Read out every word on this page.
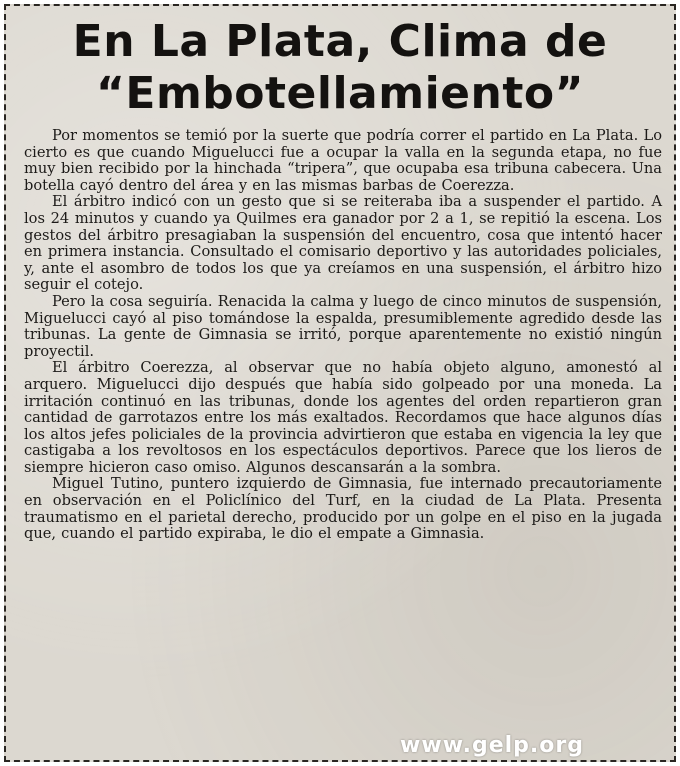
En La Plata, Clima de
“Embotellamiento”

Por momentos se temió por la suerte que podría correr el partido en La Plata. Lo cierto es que cuando Miguelucci fue a ocupar la valla en la segunda etapa, no fue muy bien recibido por la hinchada “tripera”, que ocupaba esa tribuna cabecera. Una botella cayó dentro del área y en las mismas barbas de Coerezza.

El árbitro indicó con un gesto que si se reiteraba iba a suspender el partido. A los 24 minutos y cuando ya Quilmes era ganador por 2 a 1, se repitió la escena. Los gestos del árbitro presagiaban la suspensión del encuentro, cosa que intentó hacer en primera instancia. Consultado el comisario deportivo y las autoridades policiales, y, ante el asombro de todos los que ya creíamos en una suspensión, el árbitro hizo seguir el cotejo.

Pero la cosa seguiría. Renacida la calma y luego de cinco minutos de suspensión, Miguelucci cayó al piso tomándose la espalda, presumiblemente agredido desde las tribunas. La gente de Gimnasia se irritó, porque aparentemente no existió ningún proyectil.

El árbitro Coerezza, al observar que no había objeto alguno, amonestó al arquero. Miguelucci dijo después que había sido golpeado por una moneda. La irritación continuó en las tribunas, donde los agentes del orden repartieron gran cantidad de garrotazos entre los más exaltados. Recordamos que hace algunos días los altos jefes policiales de la provincia advirtieron que estaba en vigencia la ley que castigaba a los revoltosos en los espectáculos deportivos. Parece que los lieros de siempre hicieron caso omiso. Algunos descansarán a la sombra.

Miguel Tutino, puntero izquierdo de Gimnasia, fue internado precautoriamente en observación en el Policlínico del Turf, en la ciudad de La Plata. Presenta traumatismo en el parietal derecho, producido por un golpe en el piso en la jugada que, cuando el partido expiraba, le dio el empate a Gimnasia.

www.gelp.org
